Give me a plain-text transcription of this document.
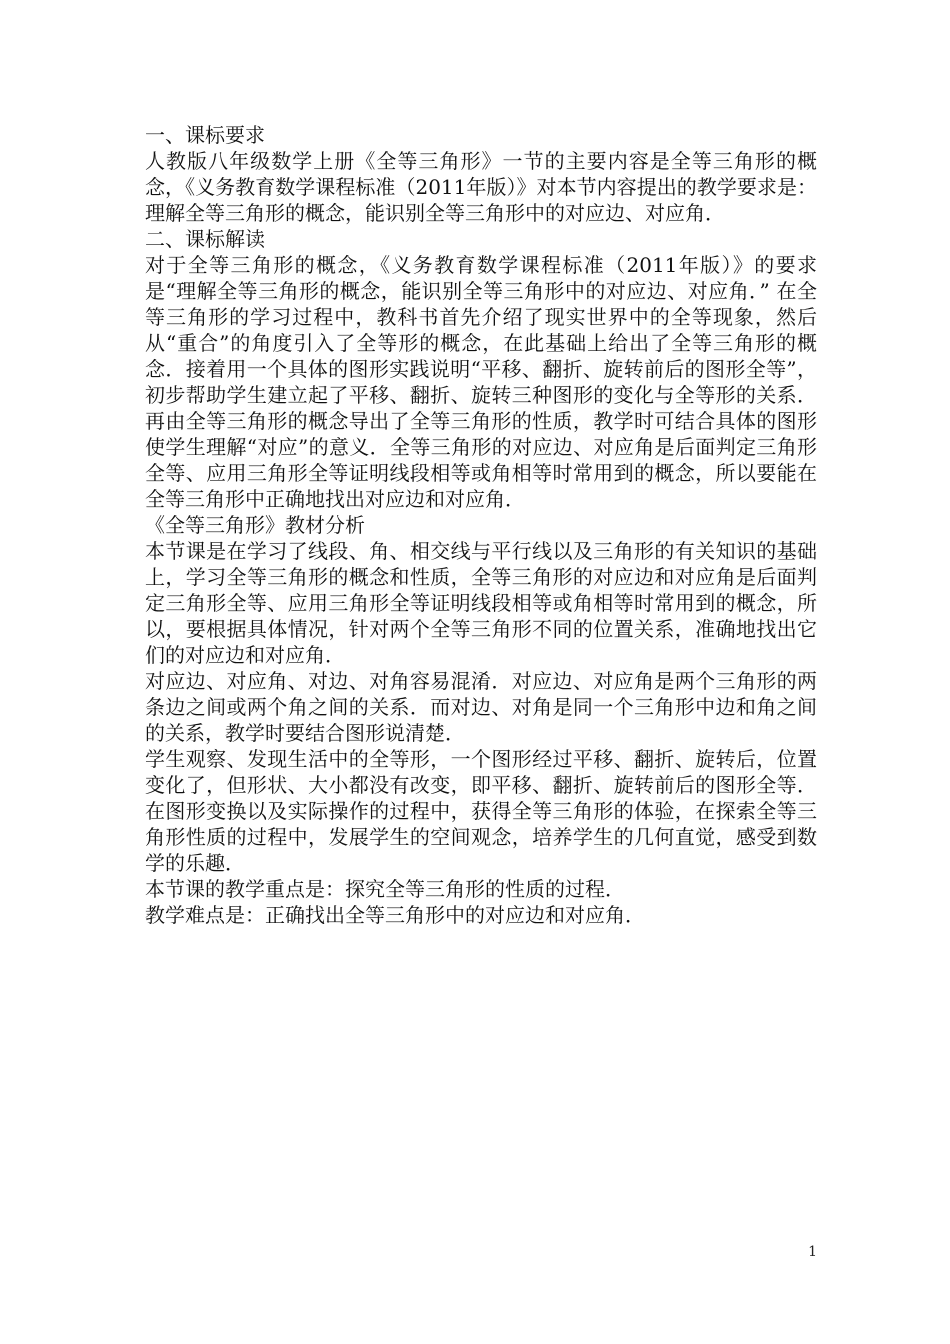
一、课标要求

人教版八年级数学上册《全等三角形》一节的主要内容是全等三角形的概念，《义务教育数学课程标准（2011年版）》对本节内容提出的教学要求是：理解全等三角形的概念，能识别全等三角形中的对应边、对应角．

二、课标解读

对于全等三角形的概念，《义务教育数学课程标准（2011年版）》的要求是“理解全等三角形的概念，能识别全等三角形中的对应边、对应角．” 在全等三角形的学习过程中，教科书首先介绍了现实世界中的全等现象，然后从“重合”的角度引入了全等形的概念，在此基础上给出了全等三角形的概念．接着用一个具体的图形实践说明“平移、翻折、旋转前后的图形全等”，初步帮助学生建立起了平移、翻折、旋转三种图形的变化与全等形的关系．再由全等三角形的概念导出了全等三角形的性质，教学时可结合具体的图形使学生理解“对应”的意义．全等三角形的对应边、对应角是后面判定三角形全等、应用三角形全等证明线段相等或角相等时常用到的概念，所以要能在全等三角形中正确地找出对应边和对应角．

《全等三角形》教材分析

本节课是在学习了线段、角、相交线与平行线以及三角形的有关知识的基础上，学习全等三角形的概念和性质，全等三角形的对应边和对应角是后面判定三角形全等、应用三角形全等证明线段相等或角相等时常用到的概念，所以，要根据具体情况，针对两个全等三角形不同的位置关系，准确地找出它们的对应边和对应角．

对应边、对应角、对边、对角容易混淆．对应边、对应角是两个三角形的两条边之间或两个角之间的关系．而对边、对角是同一个三角形中边和角之间的关系，教学时要结合图形说清楚．

学生观察、发现生活中的全等形，一个图形经过平移、翻折、旋转后，位置变化了，但形状、大小都没有改变，即平移、翻折、旋转前后的图形全等．在图形变换以及实际操作的过程中，获得全等三角形的体验，在探索全等三角形性质的过程中，发展学生的空间观念，培养学生的几何直觉，感受到数学的乐趣．

本节课的教学重点是：探究全等三角形的性质的过程．

教学难点是：正确找出全等三角形中的对应边和对应角．

1
